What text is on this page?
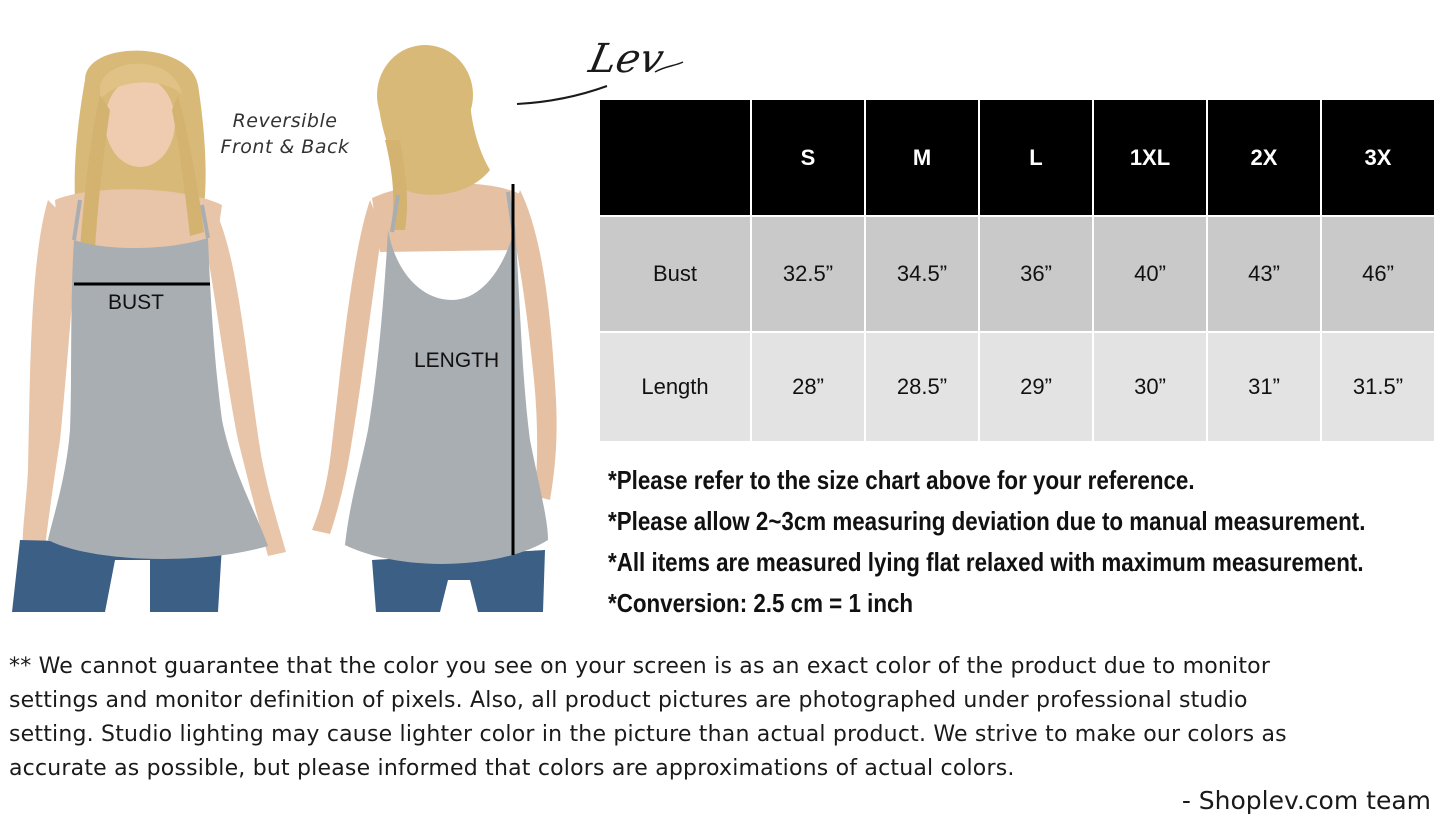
Reversible
Front & Back
BUST
LENGTH
Lev
	S	M	L	1XL	2X	3X
Bust	32.5”	34.5”	36”	40”	43”	46”
Length	28”	28.5”	29”	30”	31”	31.5”
*Please refer to the size chart above for your reference.
*Please allow 2~3cm measuring deviation due to manual measurement.
*All items are measured lying flat relaxed with maximum measurement.
*Conversion: 2.5 cm = 1 inch
** We cannot guarantee that the color you see on your screen is as an exact color of the product due to monitor
settings and monitor definition of pixels. Also, all product pictures are photographed under professional studio
setting. Studio lighting may cause lighter color in the picture than actual product. We strive to make our colors as
accurate as possible, but please informed that colors are approximations of actual colors.
- Shoplev.com team
